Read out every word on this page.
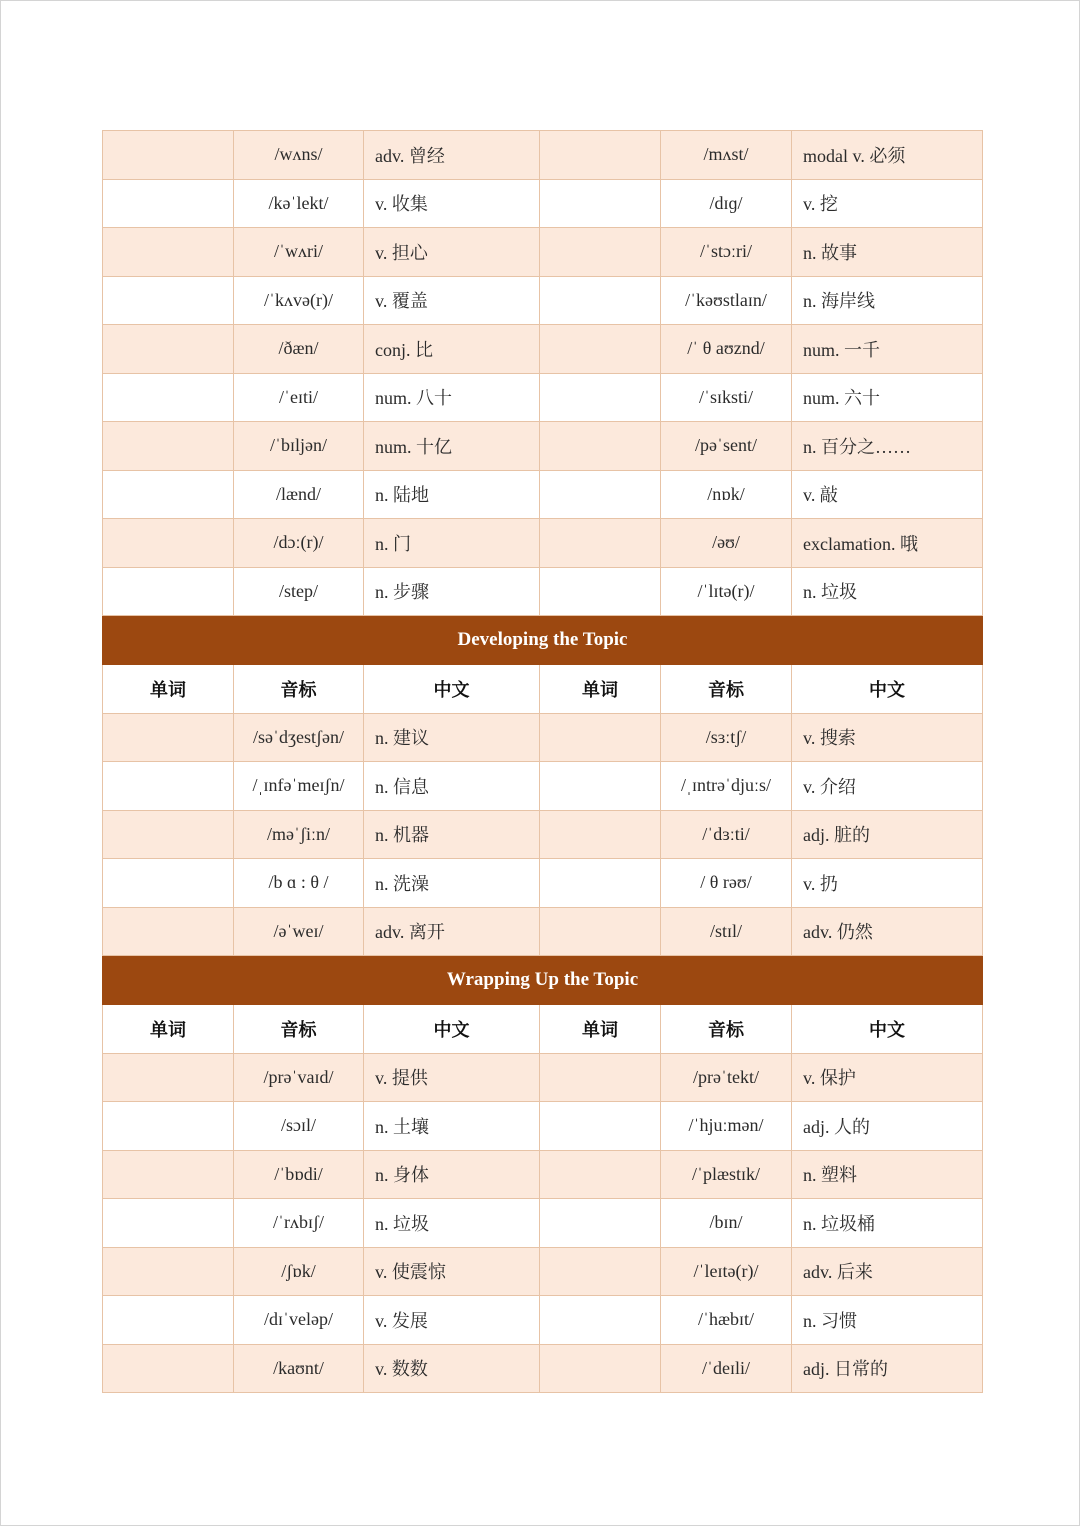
	/wʌns/	adv. 曾经		/mʌst/	modal v. 必须
	/kəˈlekt/	v. 收集		/dɪɡ/	v. 挖
	/ˈwʌri/	v. 担心		/ˈstɔːri/	n. 故事
	/ˈkʌvə(r)/	v. 覆盖		/ˈkəʊstlaɪn/	n. 海岸线
	/ðæn/	conj. 比		/ˈ θ aʊznd/	num. 一千
	/ˈeɪti/	num. 八十		/ˈsɪksti/	num. 六十
	/ˈbɪljən/	num. 十亿		/pəˈsent/	n. 百分之……
	/lænd/	n. 陆地		/nɒk/	v. 敲
	/dɔː(r)/	n. 门		/əʊ/	exclamation. 哦
	/step/	n. 步骤		/ˈlɪtə(r)/	n. 垃圾
Developing the Topic					
单词	音标	中文	单词	音标	中文
	/səˈdʒestʃən/	n. 建议		/sɜːtʃ/	v. 搜索
	/ˌɪnfəˈmeɪʃn/	n. 信息		/ˌɪntrəˈdjuːs/	v. 介绍
	/məˈʃiːn/	n. 机器		/ˈdɜːti/	adj. 脏的
	/b ɑ : θ /	n. 洗澡		/ θ rəʊ/	v. 扔
	/əˈweɪ/	adv. 离开		/stɪl/	adv. 仍然
Wrapping Up the Topic					
单词	音标	中文	单词	音标	中文
	/prəˈvaɪd/	v. 提供		/prəˈtekt/	v. 保护
	/sɔɪl/	n. 土壤		/ˈhjuːmən/	adj. 人的
	/ˈbɒdi/	n. 身体		/ˈplæstɪk/	n. 塑料
	/ˈrʌbɪʃ/	n. 垃圾		/bɪn/	n. 垃圾桶
	/ʃɒk/	v. 使震惊		/ˈleɪtə(r)/	adv. 后来
	/dɪˈveləp/	v. 发展		/ˈhæbɪt/	n. 习惯
	/kaʊnt/	v. 数数		/ˈdeɪli/	adj. 日常的
